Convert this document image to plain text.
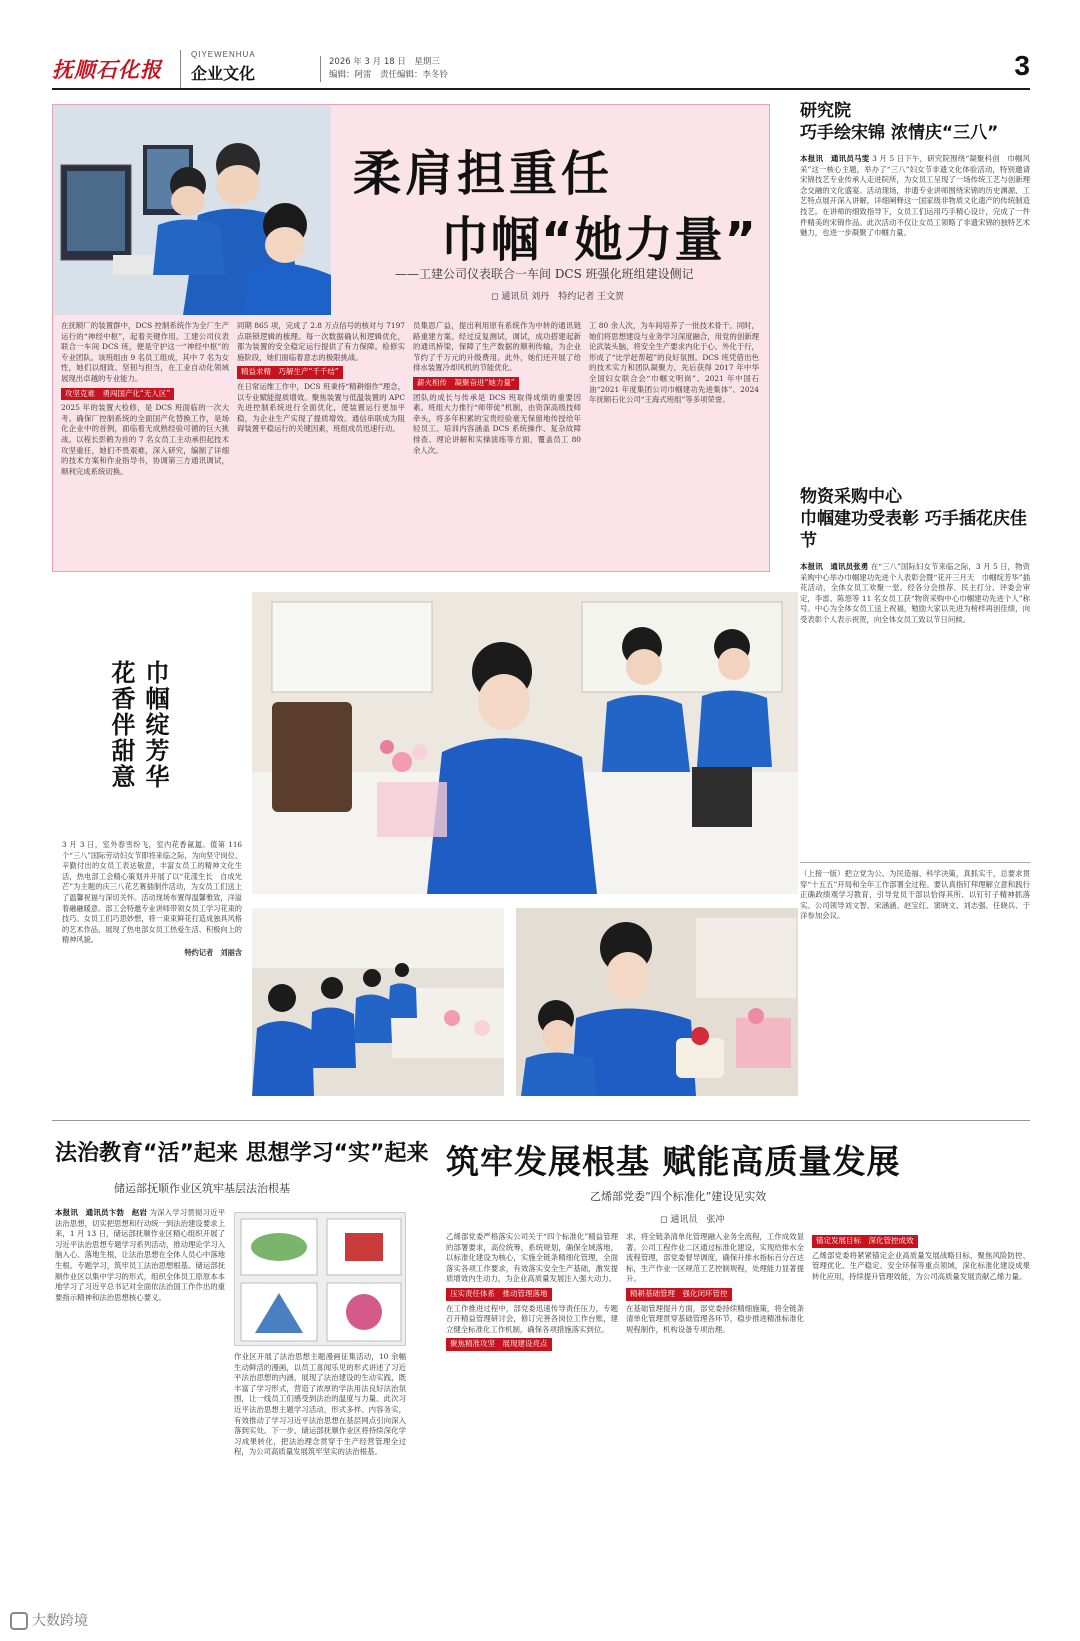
抚顺石化报
QIYEWENHUA
企业文化
2026 年 3 月 18 日　星期三
编辑：阿雷　责任编辑：李冬铃	3
柔肩担重任
巾帼“她力量”
——工建公司仪表联合一车间 DCS 班强化班组建设侧记
◻ 通讯员 刘丹　特约记者 王文贺

在抚顺厂的装置群中，DCS 控制系统作为全厂生产运行的“神经中枢”，起着关键作用。工建公司仪表联合一车间 DCS 班，便是守护这一“神经中枢”的专业团队。该班组由 9 名员工组成，其中 7 名为女性，她们以细致、坚韧与担当，在工业自动化领域展现出卓越的专业能力。

攻坚克难　勇闯国产化“无人区”

2025 年的装置大检修，是 DCS 班面临的一次大考。确保厂控制系统的全面国产化替换工作，是场化企业中的首例，面临着无成熟经验可循的巨大挑战。以程长彭鹤为首的 7 名女员工主动承担起技术攻坚重任，她们不畏艰难，深入研究，编制了详细的技术方案和作业指导书，协调第三方通讯调试，顺利完成系统切换。

同期 865 项，完成了 2.8 万点信号的核对与 7197 点联锁逻辑的梳理。每一次数据确认和逻辑优化，都为装置的安全稳定运行提供了有力保障。检修实施阶段，她们面临着意志的极限挑战。

精益求精　巧解生产“千千结”

在日常运维工作中，DCS 班秉持“精耕细作”理念，以专业赋能提质增效。聚焦装置与低温装置的 APC 先进控制系统进行全面优化，使装置运行更加平稳，为企业生产实现了提质增效。通信串联成为阻碍装置平稳运行的关键因素，班组成员迅速行动。

员集思广益，提出利用原有系统作为中转的通讯链路重建方案。经过反复测试，调试，成功搭建起新的通讯桥梁，保障了生产数据的顺利传输，为企业节约了千万元的升级费用。此外，她们还开展了给排水装置冷却风机的节能优化。

薪火相传　凝聚奋进“她力量”

团队的成长与传承是 DCS 班取得成绩的重要因素。班组大力推行“师带徒”机制，由资深高级技师牵头，将多年积累的宝贵经验毫无保留地传授给年轻员工。培训内容涵盖 DCS 系统操作、复杂故障排查、理论讲解和实操演练等方面，覆盖员工 80 余人次。

工 80 余人次，为车间培养了一批技术骨干。同时，她们将思想建设与业务学习深度融合，用党的创新理论武装头脑，将安全生产要求内化于心、外化于行，形成了“比学赶帮超”的良好氛围。DCS 班凭借出色的技术实力和团队凝聚力，先后获得 2017 年中华全国妇女联合会“巾帼文明岗”、2021 年中国石油“2021 年度集团公司巾帼建功先进集体”、2024 年抚顺石化公司“王海式班组”等多项荣誉。

研究院
巧手绘宋锦 浓情庆“三八”
本报讯　通讯员马雯 3 月 5 日下午，研究院围绕“凝聚科创　巾帼风采”这一核心主题，举办了“三八”妇女节非遗文化体验活动，特别邀请宋锦技艺专业传承人走进院所，为女员工呈现了一场传统工艺与创新理念交融的文化盛宴。活动现场，非遗专业讲师围绕宋锦的历史渊源、工艺特点展开深入讲解，详细阐释这一国家级非物质文化遗产的传统制造技艺。在讲师的细致指导下，女员工们运用巧手精心设计，完成了一件件精美的宋锦作品。此次活动不仅让女员工领略了非遗宋锦的独特艺术魅力，也进一步凝聚了巾帼力量。
物资采购中心
巾帼建功受表彰 巧手插花庆佳节
本报讯　通讯员张勇 在“三八”国际妇女节来临之际，3 月 5 日，物资采购中心举办巾帼建功先进个人表彰会暨“花开三月天　巾帼绽芳华”插花活动，全体女员工欢聚一堂。经各分会推荐、民主打分、评委会审定，李雷、陈悠等 11 名女员工获“物资采购中心巾帼建功先进个人”称号。中心为全体女员工送上祝福，勉励大家以先进为榜样再创佳绩，向受表彰个人表示祝贺，向全体女员工致以节日问候。
（上接一版）把立党为公、为民造福、科学决策，真抓实干，总要求贯穿“十五五”开局和全年工作部署全过程。要认真指钉拜理解立意和践行正确政绩观学习教育，引导党员干部以恰得其所、以钉钉子精神抓落实。公司领导刘文智、宋涵涵、赵宝红、窦晓文、刘志强、任晓兵、于洋参加会议。
巾帼绽芳华
花香伴甜意

3 月 3 日，室外春雪纷飞，室内花香氤氲。值第 116 个“三八”国际劳动妇女节即将来临之际，为向坚守岗位、辛勤付出的女员工表达敬意，丰富女员工的精神文化生活，热电部工会精心策划并开展了以“花漾生长　自成光芒”为主题的庆三八花艺赛插制作活动，为女员工们送上了温馨祝福与深切关怀。活动现场布置得温馨雅致，洋溢着融融暖意。部工会特邀专业讲师带领女员工学习花束的技巧。女员工们巧思妙想，将一束束鲜花打造成独具风格的艺术作品，展现了热电部女员工热爱生活、积极向上的精神风貌。

特约记者　刘丽含

法治教育“活”起来 思想学习“实”起来
储运部抚顺作业区筑牢基层法治根基
本报讯　通讯员卞勃　赵岩 为深入学习贯彻习近平法治思想，切实把思想和行动统一到法治建设要求上来，1 月 13 日，储运部抚顺作业区精心组织开展了习近平法治思想专题学习系列活动，推动理论学习入脑入心、落地生根，让法治思想在全体人员心中落地生根。专题学习，筑牢员工法治思想根基。储运部抚顺作业区以集中学习的形式，组织全体员工原原本本地学习了习近平总书记对全面依法治国工作作出的重要指示精神和法治思想核心要义。
作业区开展了法治思想主题漫画征集活动，10 余幅生动鲜活的漫画，以员工喜闻乐见的形式讲述了习近平法治思想的内涵，展现了法治建设的生动实践，既丰富了学习形式，营造了浓厚的学法用法良好法治氛围，让一线员工们感受到法治的温度与力量。此次习近平法治思想主题学习活动，形式多样、内容务实，有效推动了学习习近平法治思想在基层网点引向深入落到实处。下一步，储运部抚顺作业区将持续深化学习成果转化，把法治理念贯穿于生产经营管理全过程，为公司高质量发展筑牢坚实的法治根基。
筑牢发展根基 赋能高质量发展
乙烯部党委“四个标准化”建设见实效
◻ 通讯员　张冲

乙烯部党委严格落实公司关于“四个标准化”精益管理的部署要求，高位统筹，系统规划，确保全域落地，以标准化建设为核心，实施全链条精细化管理，全面落实各项工作要求，有效落实安全生产基础，激发提质增效内生动力，为企业高质量发展注入强大动力。

压实责任体系　推动管理落地

在工作推进过程中，部党委迅速传导责任压力，专题召开精益管理研讨会，修订完善各岗位工作台账，建立健全标准化工作机制，确保各项措施落实到位。

聚焦精准攻坚　展现建设亮点

求，将全链条清单化管理融入业务全流程，工作成效显著。公司工程作业二区通过标准化建设，实现给排水全流程管理，部党委督导调度，确保升排水指标百分百达标，生产作业一区规范工艺控制规程，处理能力显著提升。

精耕基础管理　强化闭环管控

在基础管理提升方面，部党委持续精细施策，将全链条清单化管理贯穿基础管理各环节，稳步推进精准标准化规程制作，机构设备专项治理。

锚定发展目标　深化管控成效

乙烯部党委将紧紧锚定企业高质量发展战略目标，聚焦风险防控、管理优化、生产稳定、安全环保等重点领域，深化标准化建设成果转化应用，持续提升管理效能，为公司高质量发展贡献乙烯力量。

大数跨境
